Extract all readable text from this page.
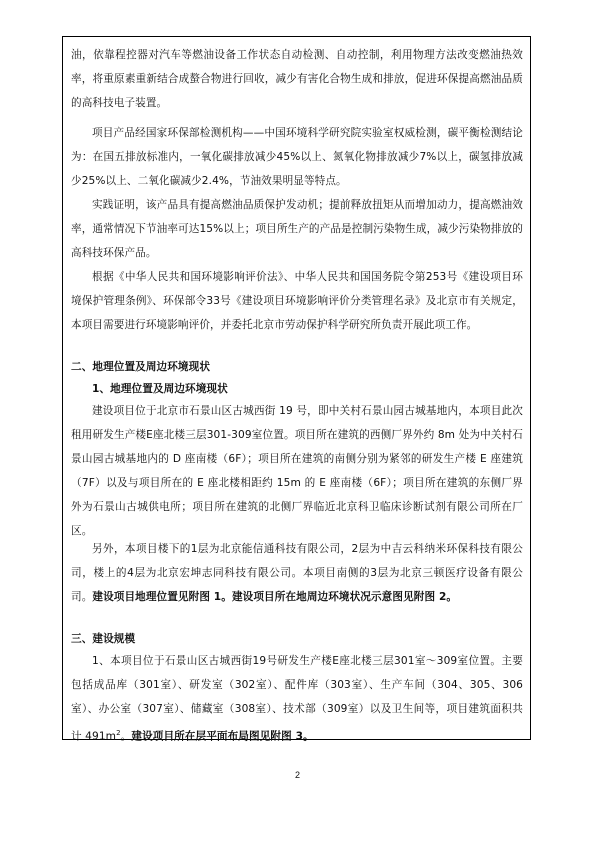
油，依靠程控器对汽车等燃油设备工作状态自动检测、自动控制，利用物理方法改变燃油热效率，将重原素重新结合成螯合物进行回收，减少有害化合物生成和排放，促进环保提高燃油品质的高科技电子装置。

项目产品经国家环保部检测机构——中国环境科学研究院实验室权威检测，碳平衡检测结论为：在国五排放标准内，一氧化碳排放减少45%以上、氮氧化物排放减少7%以上，碳氢排放减少25%以上、二氧化碳减少2.4%，节油效果明显等特点。

实践证明，该产品具有提高燃油品质保护发动机；提前释放扭矩从而增加动力，提高燃油效率，通常情况下节油率可达15%以上；项目所生产的产品是控制污染物生成，减少污染物排放的高科技环保产品。

根据《中华人民共和国环境影响评价法》、中华人民共和国国务院令第253号《建设项目环境保护管理条例》、环保部令33号《建设项目环境影响评价分类管理名录》及北京市有关规定，本项目需要进行环境影响评价，并委托北京市劳动保护科学研究所负责开展此项工作。

二、地理位置及周边环境现状

1、地理位置及周边环境现状

建设项目位于北京市石景山区古城西街 19 号，即中关村石景山园古城基地内，本项目此次租用研发生产楼E座北楼三层301-309室位置。项目所在建筑的西侧厂界外约 8m 处为中关村石景山园古城基地内的 D 座南楼（6F）；项目所在建筑的南侧分别为紧邻的研发生产楼 E 座建筑（7F）以及与项目所在的 E 座北楼相距约 15m 的 E 座南楼（6F）；项目所在建筑的东侧厂界外为石景山古城供电所；项目所在建筑的北侧厂界临近北京科卫临床诊断试剂有限公司所在厂区。

另外，本项目楼下的1层为北京能信通科技有限公司，2层为中吉云科纳米环保科技有限公司，楼上的4层为北京宏坤志同科技有限公司。本项目南侧的3层为北京三顿医疗设备有限公司。建设项目地理位置见附图 1。建设项目所在地周边环境状况示意图见附图 2。

三、建设规模

1、本项目位于石景山区古城西街19号研发生产楼E座北楼三层301室～309室位置。主要包括成品库（301室）、研发室（302室）、配件库（303室）、生产车间（304、305、306室）、办公室（307室）、储藏室（308室）、技术部（309室）以及卫生间等，项目建筑面积共计 $491m^2$。建设项目所在层平面布局图见附图 3。

2
